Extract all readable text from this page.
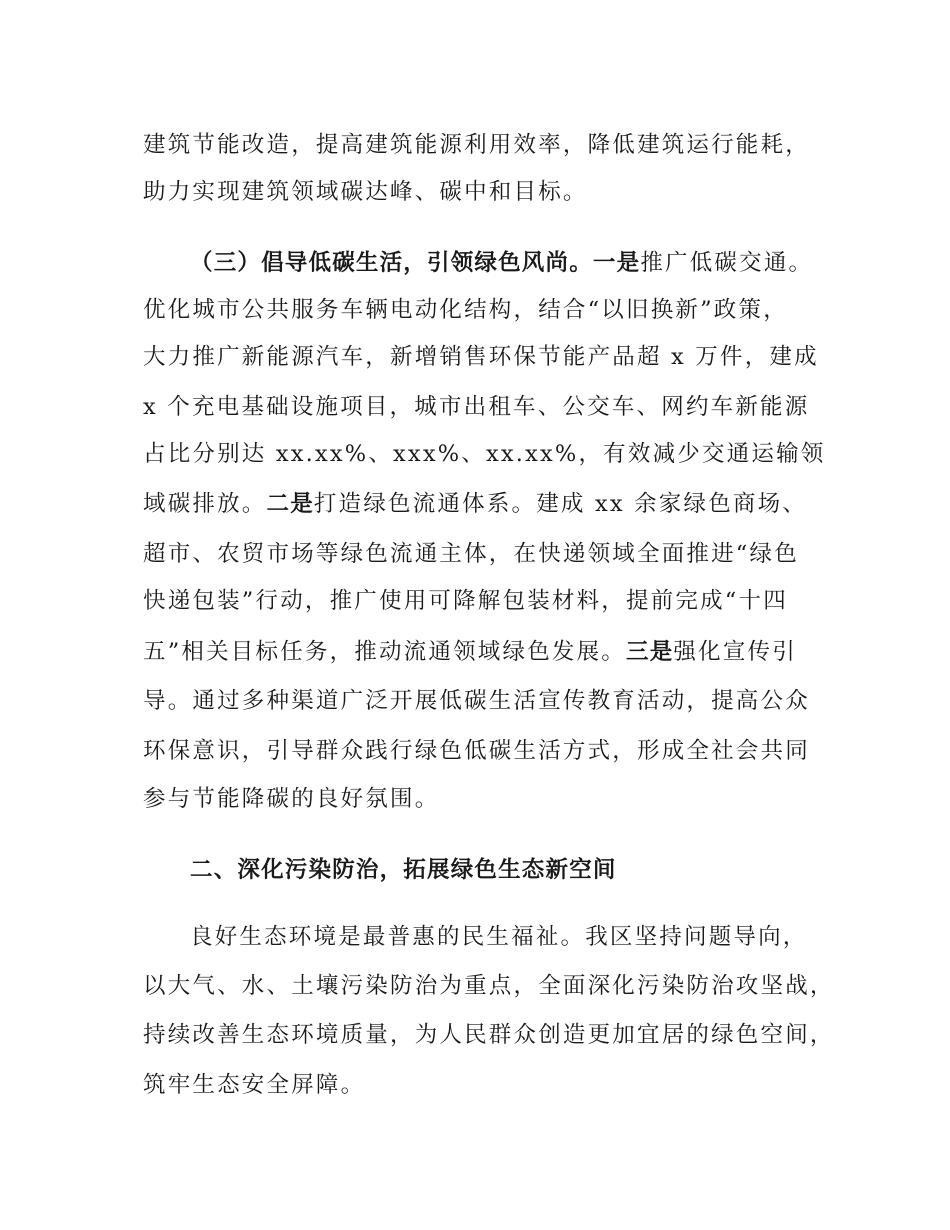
建筑节能改造，提高建筑能源利用效率，降低建筑运行能耗，
助力实现建筑领域碳达峰、碳中和目标。
（三）倡导低碳生活，引领绿色风尚。一是推广低碳交通。
优化城市公共服务车辆电动化结构，结合“以旧换新”政策，
大力推广新能源汽车，新增销售环保节能产品超 x 万件，建成
x 个充电基础设施项目，城市出租车、公交车、网约车新能源
占比分别达 xx.xx%、xxx%、xx.xx%，有效减少交通运输领
域碳排放。二是打造绿色流通体系。建成 xx 余家绿色商场、
超市、农贸市场等绿色流通主体，在快递领域全面推进“绿色
快递包装”行动，推广使用可降解包装材料，提前完成“十四
五”相关目标任务，推动流通领域绿色发展。三是强化宣传引
导。通过多种渠道广泛开展低碳生活宣传教育活动，提高公众
环保意识，引导群众践行绿色低碳生活方式，形成全社会共同
参与节能降碳的良好氛围。
二、深化污染防治，拓展绿色生态新空间
良好生态环境是最普惠的民生福祉。我区坚持问题导向，
以大气、水、土壤污染防治为重点，全面深化污染防治攻坚战，
持续改善生态环境质量，为人民群众创造更加宜居的绿色空间，
筑牢生态安全屏障。
